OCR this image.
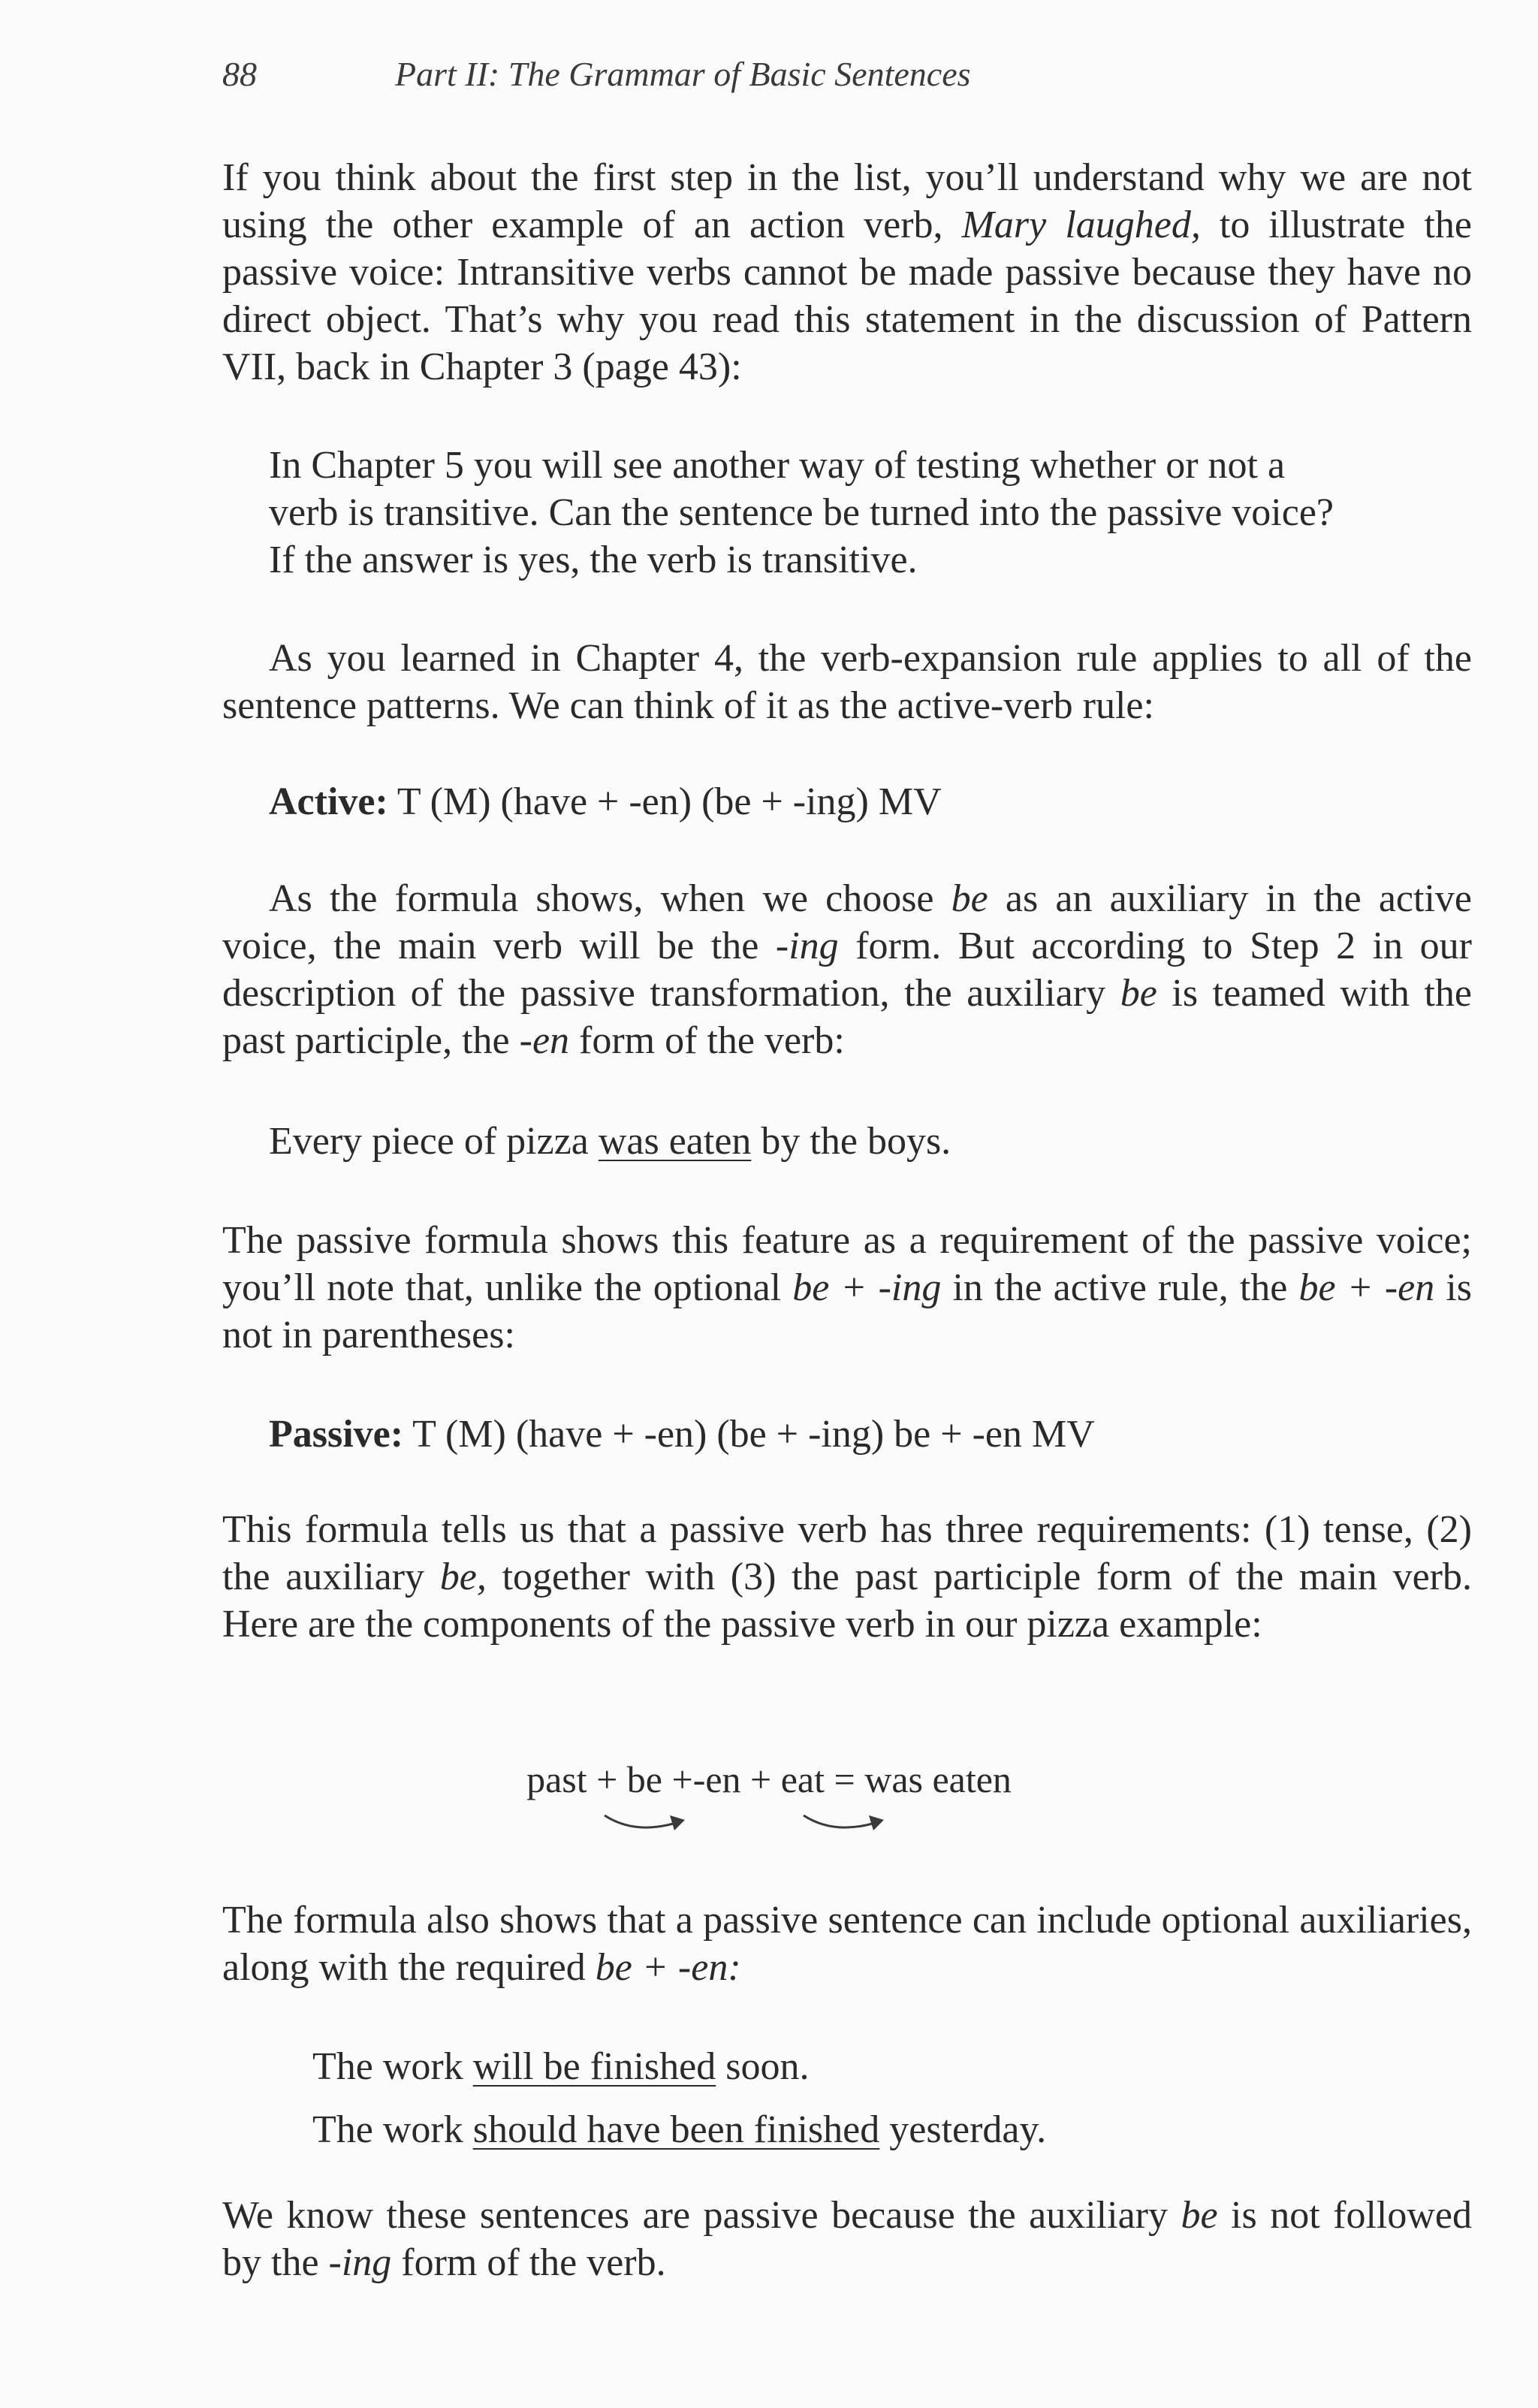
88	Part II: The Grammar of Basic Sentences
If you think about the first step in the list, you’ll understand why we are not using the other example of an action verb, Mary laughed, to illustrate the passive voice: Intransitive verbs cannot be made passive because they have no direct object. That’s why you read this statement in the discussion of Pattern VII, back in Chapter 3 (page 43):

In Chapter 5 you will see another way of testing whether or not a

verb is transitive. Can the sentence be turned into the passive voice?

If the answer is yes, the verb is transitive.

As you learned in Chapter 4, the verb-expansion rule applies to all of the sentence patterns. We can think of it as the active-verb rule:

Active: T (M) (have + -en) (be + -ing) MV

As the formula shows, when we choose be as an auxiliary in the active voice, the main verb will be the -ing form. But according to Step 2 in our description of the passive transformation, the auxiliary be is teamed with the past participle, the -en form of the verb:

Every piece of pizza was eaten by the boys.

The passive formula shows this feature as a requirement of the passive voice; you’ll note that, unlike the optional be + -ing in the active rule, the be + -en is not in parentheses:

Passive: T (M) (have + -en) (be + -ing) be + -en MV

This formula tells us that a passive verb has three requirements: (1) tense, (2) the auxiliary be, together with (3) the past participle form of the main verb. Here are the components of the passive verb in our pizza example:
past + be +-en + eat = was eaten
The formula also shows that a passive sentence can include optional auxiliaries, along with the required be + -en:

The work will be finished soon.

The work should have been finished yesterday.

We know these sentences are passive because the auxiliary be is not followed by the -ing form of the verb.
